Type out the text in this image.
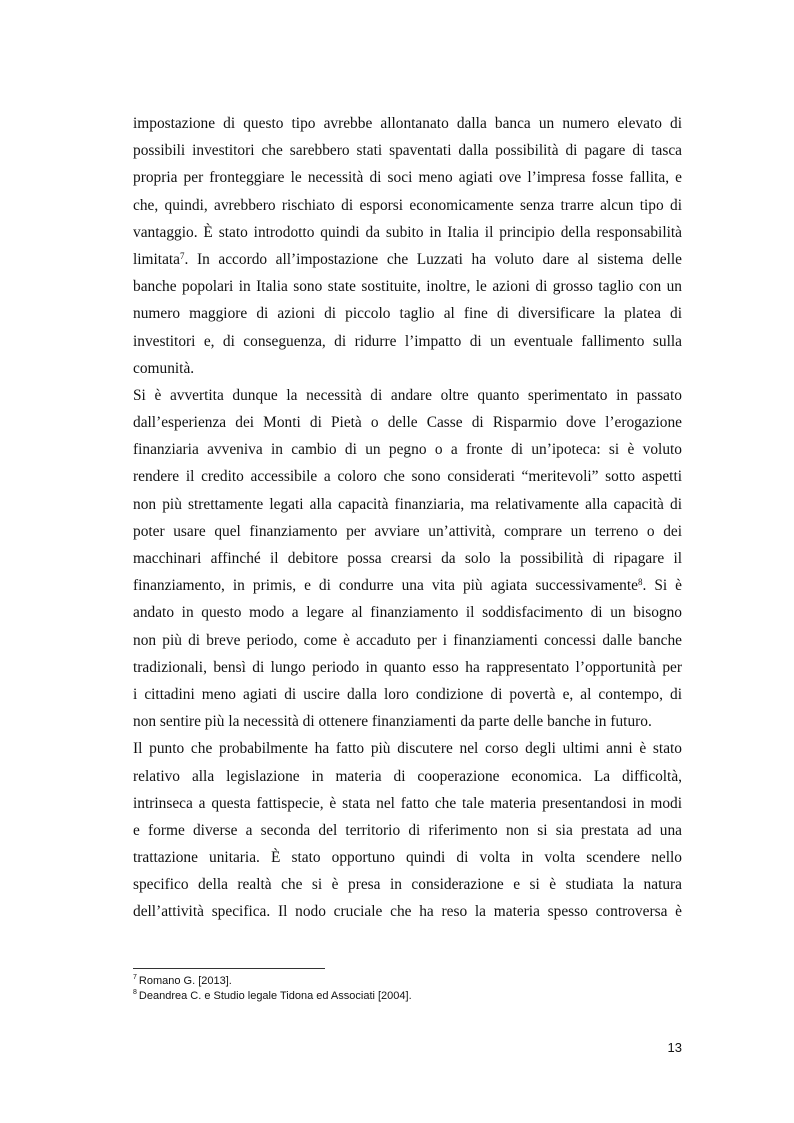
impostazione di questo tipo avrebbe allontanato dalla banca un numero elevato di
possibili investitori che sarebbero stati spaventati dalla possibilità di pagare di tasca
propria per fronteggiare le necessità di soci meno agiati ove l’impresa fosse fallita, e
che, quindi, avrebbero rischiato di esporsi economicamente senza trarre alcun tipo di
vantaggio. È stato introdotto quindi da subito in Italia il principio della responsabilità
limitata$^7$. In accordo all’impostazione che Luzzati ha voluto dare al sistema delle
banche popolari in Italia sono state sostituite, inoltre, le azioni di grosso taglio con un
numero maggiore di azioni di piccolo taglio al fine di diversificare la platea di
investitori e, di conseguenza, di ridurre l’impatto di un eventuale fallimento sulla
comunità.
Si è avvertita dunque la necessità di andare oltre quanto sperimentato in passato
dall’esperienza dei Monti di Pietà o delle Casse di Risparmio dove l’erogazione
finanziaria avveniva in cambio di un pegno o a fronte di un’ipoteca: si è voluto
rendere il credito accessibile a coloro che sono considerati “meritevoli” sotto aspetti
non più strettamente legati alla capacità finanziaria, ma relativamente alla capacità di
poter usare quel finanziamento per avviare un’attività, comprare un terreno o dei
macchinari affinché il debitore possa crearsi da solo la possibilità di ripagare il
finanziamento, in primis, e di condurre una vita più agiata successivamente$^8$. Si è
andato in questo modo a legare al finanziamento il soddisfacimento di un bisogno
non più di breve periodo, come è accaduto per i finanziamenti concessi dalle banche
tradizionali, bensì di lungo periodo in quanto esso ha rappresentato l’opportunità per
i cittadini meno agiati di uscire dalla loro condizione di povertà e, al contempo, di
non sentire più la necessità di ottenere finanziamenti da parte delle banche in futuro.
Il punto che probabilmente ha fatto più discutere nel corso degli ultimi anni è stato
relativo alla legislazione in materia di cooperazione economica. La difficoltà,
intrinseca a questa fattispecie, è stata nel fatto che tale materia presentandosi in modi
e forme diverse a seconda del territorio di riferimento non si sia prestata ad una
trattazione unitaria. È stato opportuno quindi di volta in volta scendere nello
specifico della realtà che si è presa in considerazione e si è studiata la natura
dell’attività specifica. Il nodo cruciale che ha reso la materia spesso controversa è
$^7$ Romano G. [2013].
$^8$ Deandrea C. e Studio legale Tidona ed Associati [2004].
13
